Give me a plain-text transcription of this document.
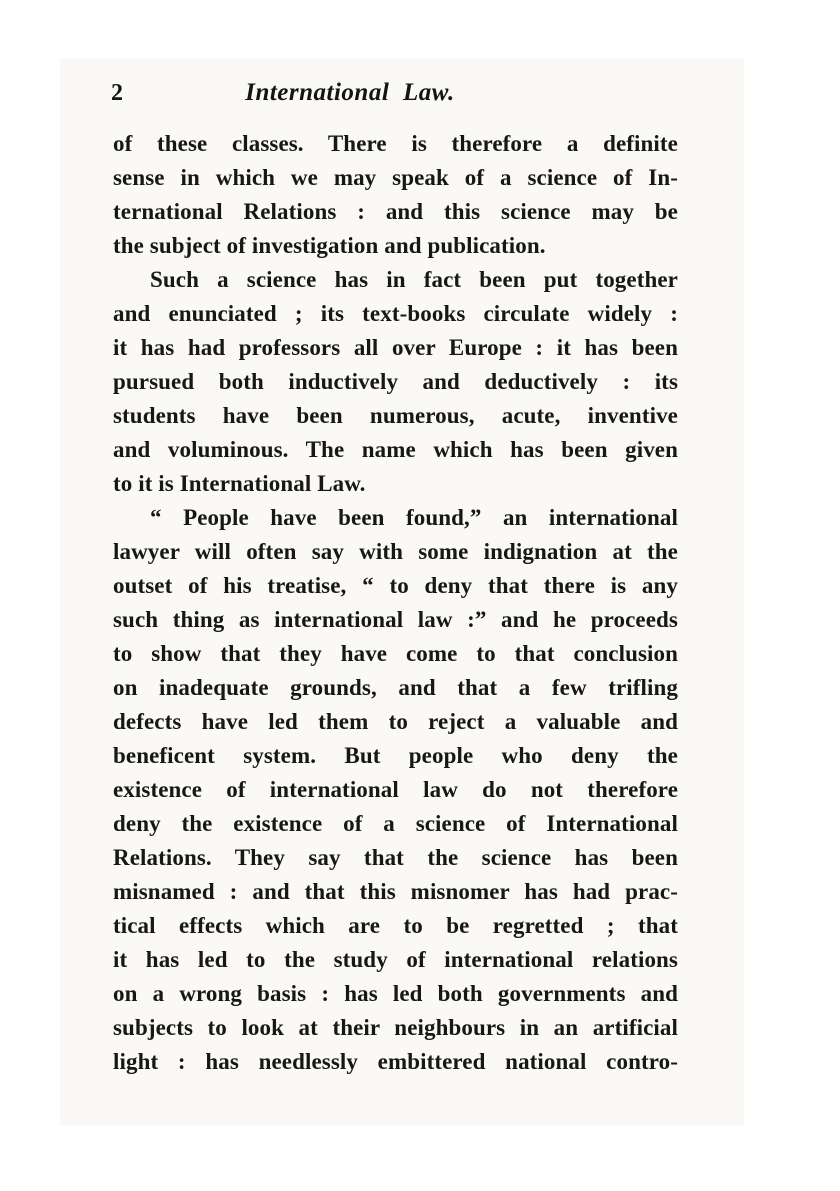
2	International Law.
of these classes. There is therefore a definite
sense in which we may speak of a science of In-
ternational Relations : and this science may be
the subject of investigation and publication.
Such a science has in fact been put together
and enunciated ; its text-books circulate widely :
it has had professors all over Europe : it has been
pursued both inductively and deductively : its
students have been numerous, acute, inventive
and voluminous. The name which has been given
to it is International Law.
“ People have been found,” an international
lawyer will often say with some indignation at the
outset of his treatise, “ to deny that there is any
such thing as international law :” and he proceeds
to show that they have come to that conclusion
on inadequate grounds, and that a few trifling
defects have led them to reject a valuable and
beneficent system. But people who deny the
existence of international law do not therefore
deny the existence of a science of International
Relations. They say that the science has been
misnamed : and that this misnomer has had prac-
tical effects which are to be regretted ; that
it has led to the study of international relations
on a wrong basis : has led both governments and
subjects to look at their neighbours in an artificial
light : has needlessly embittered national contro-
